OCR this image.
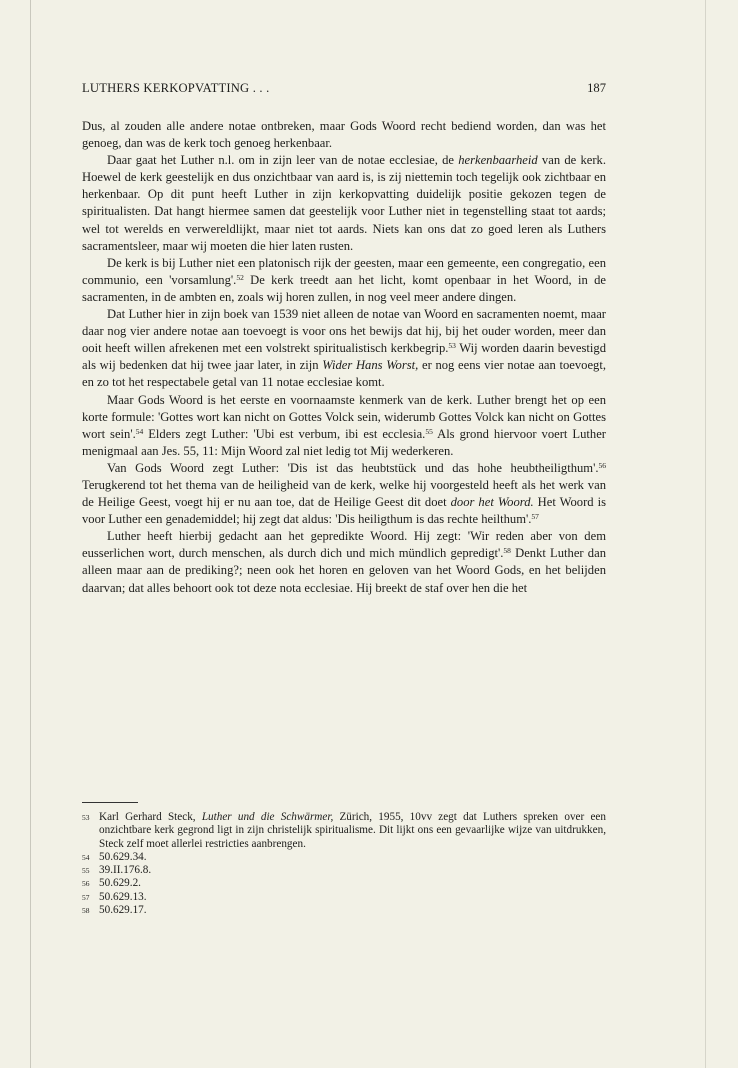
LUTHERS KERKOPVATTING . . .	187

Dus, al zouden alle andere notae ontbreken, maar Gods Woord recht bediend worden, dan was het genoeg, dan was de kerk toch genoeg herkenbaar.

Daar gaat het Luther n.l. om in zijn leer van de notae ecclesiae, de herkenbaarheid van de kerk. Hoewel de kerk geestelijk en dus onzichtbaar van aard is, is zij niettemin toch tegelijk ook zichtbaar en herkenbaar. Op dit punt heeft Luther in zijn kerkopvatting duidelijk positie gekozen tegen de spiritualisten. Dat hangt hiermee samen dat geestelijk voor Luther niet in tegenstelling staat tot aards; wel tot werelds en verwereldlijkt, maar niet tot aards. Niets kan ons dat zo goed leren als Luthers sacramentsleer, maar wij moeten die hier laten rusten.

De kerk is bij Luther niet een platonisch rijk der geesten, maar een gemeente, een congregatio, een communio, een 'vorsamlung'.$^{52}$ De kerk treedt aan het licht, komt openbaar in het Woord, in de sacramenten, in de ambten en, zoals wij horen zullen, in nog veel meer andere dingen.

Dat Luther hier in zijn boek van 1539 niet alleen de notae van Woord en sacramenten noemt, maar daar nog vier andere notae aan toevoegt is voor ons het bewijs dat hij, bij het ouder worden, meer dan ooit heeft willen afrekenen met een volstrekt spiritualistisch kerkbegrip.$^{53}$ Wij worden daarin bevestigd als wij bedenken dat hij twee jaar later, in zijn Wider Hans Worst, er nog eens vier notae aan toevoegt, en zo tot het respectabele getal van 11 notae ecclesiae komt.

Maar Gods Woord is het eerste en voornaamste kenmerk van de kerk. Luther brengt het op een korte formule: 'Gottes wort kan nicht on Gottes Volck sein, widerumb Gottes Volck kan nicht on Gottes wort sein'.$^{54}$ Elders zegt Luther: 'Ubi est verbum, ibi est ecclesia.$^{55}$ Als grond hiervoor voert Luther menigmaal aan Jes. 55, 11: Mijn Woord zal niet ledig tot Mij wederkeren.

Van Gods Woord zegt Luther: 'Dis ist das heubtstück und das hohe heubtheiligthum'.$^{56}$ Terugkerend tot het thema van de heiligheid van de kerk, welke hij voorgesteld heeft als het werk van de Heilige Geest, voegt hij er nu aan toe, dat de Heilige Geest dit doet door het Woord. Het Woord is voor Luther een genademiddel; hij zegt dat aldus: 'Dis heiligthum is das rechte heilthum'.$^{57}$

Luther heeft hierbij gedacht aan het gepredikte Woord. Hij zegt: 'Wir reden aber von dem eusserlichen wort, durch menschen, als durch dich und mich mündlich gepredigt'.$^{58}$ Denkt Luther dan alleen maar aan de prediking?; neen ook het horen en geloven van het Woord Gods, en het belijden daarvan; dat alles behoort ook tot deze nota ecclesiae. Hij breekt de staf over hen die het

53 Karl Gerhard Steck, Luther und die Schwärmer, Zürich, 1955, 10vv zegt dat Luthers spreken over een onzichtbare kerk gegrond ligt in zijn christelijk spiritualisme. Dit lijkt ons een gevaarlijke wijze van uitdrukken, Steck zelf moet allerlei restricties aanbrengen.
54 50.629.34.
55 39.II.176.8.
56 50.629.2.
57 50.629.13.
58 50.629.17.
